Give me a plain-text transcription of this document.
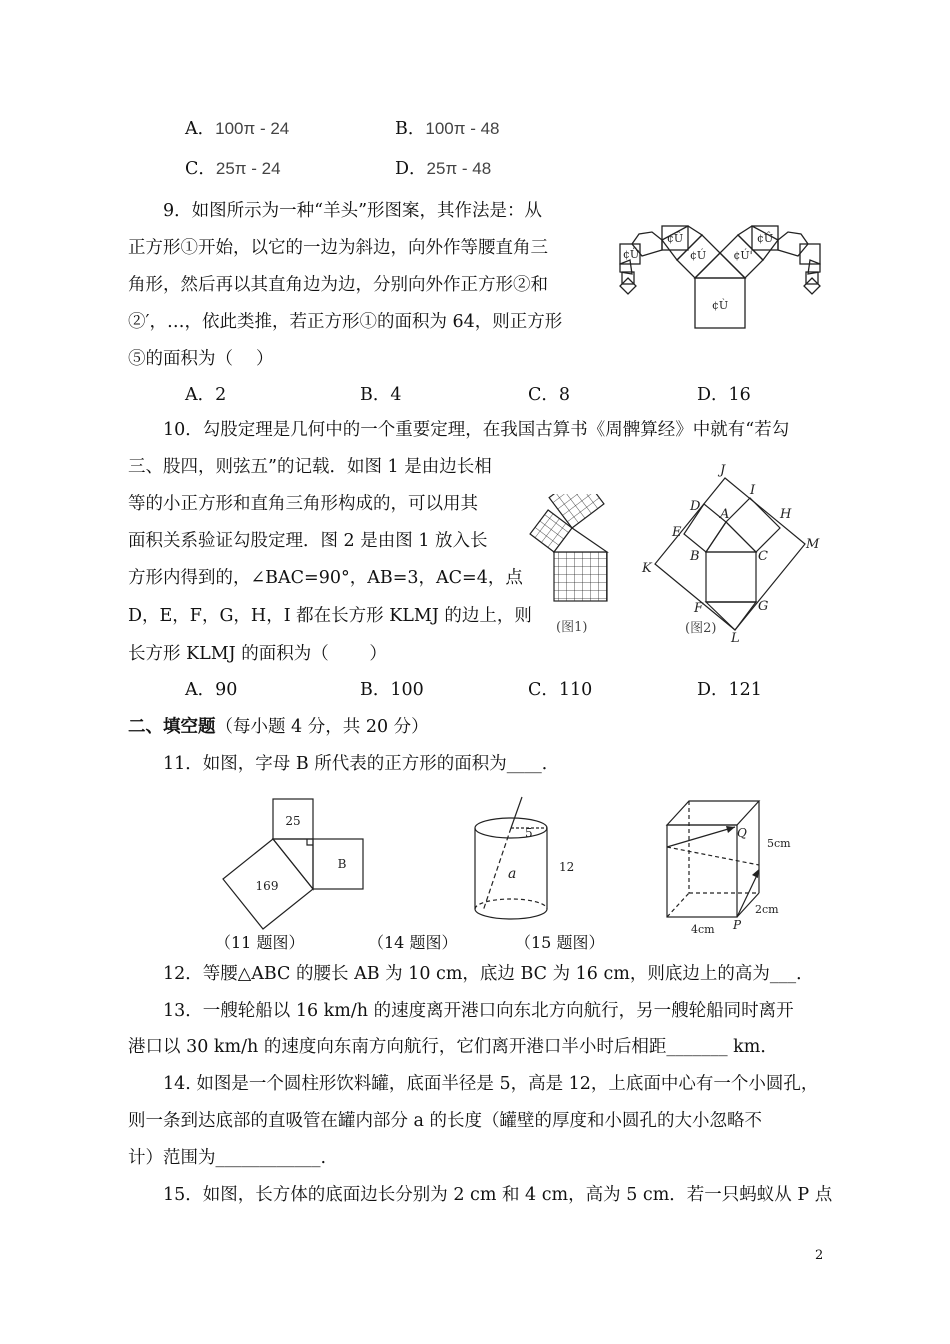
A．100π - 24	B．100π - 48
C．25π - 24	D．25π - 48
9．如图所示为一种“羊头”形图案，其作法是：从
正方形①开始，以它的一边为斜边，向外作等腰直角三
角形，然后再以其直角边为边，分别向外作正方形②和
②′，…，依此类推，若正方形①的面积为 64，则正方形
⑤的面积为（　 ）
A．2	B．4	C．8	D．16
¢Ù
¢Ú ¢Ú'
¢Û	¢Û
¢Ü
10．勾股定理是几何中的一个重要定理，在我国古算书《周髀算经》中就有“若勾
三、股四，则弦五”的记载．如图 1 是由边长相
等的小正方形和直角三角形构成的，可以用其
面积关系验证勾股定理．图 2 是由图 1 放入长
方形内得到的，∠BAC=90°，AB=3，AC=4，点
D，E，F，G，H，I 都在长方形 KLMJ 的边上，则
长方形 KLMJ 的面积为（　　 ）
A．90	B．100	C．110	D．121
(图1)
J
I
D
A	H
E
M
B	C
K
F	G
L
(图2)
二、填空题（每小题 4 分，共 20 分）
11．如图，字母 B 所代表的正方形的面积为____．
25
169
B
（11 题图）
5
12
a
（14 题图）
Q
5cm
2cm
4cm P
（15 题图）
12．等腰△ABC 的腰长 AB 为 10 cm，底边 BC 为 16 cm，则底边上的高为___．
13．一艘轮船以 16 km/h 的速度离开港口向东北方向航行，另一艘轮船同时离开
港口以 30 km/h 的速度向东南方向航行，它们离开港口半小时后相距_______ km．
14. 如图是一个圆柱形饮料罐，底面半径是 5，高是 12，上底面中心有一个小圆孔，
则一条到达底部的直吸管在罐内部分 a 的长度（罐壁的厚度和小圆孔的大小忽略不
计）范围为____________.
15．如图，长方体的底面边长分别为 2 cm 和 4 cm，高为 5 cm．若一只蚂蚁从 P 点
2
